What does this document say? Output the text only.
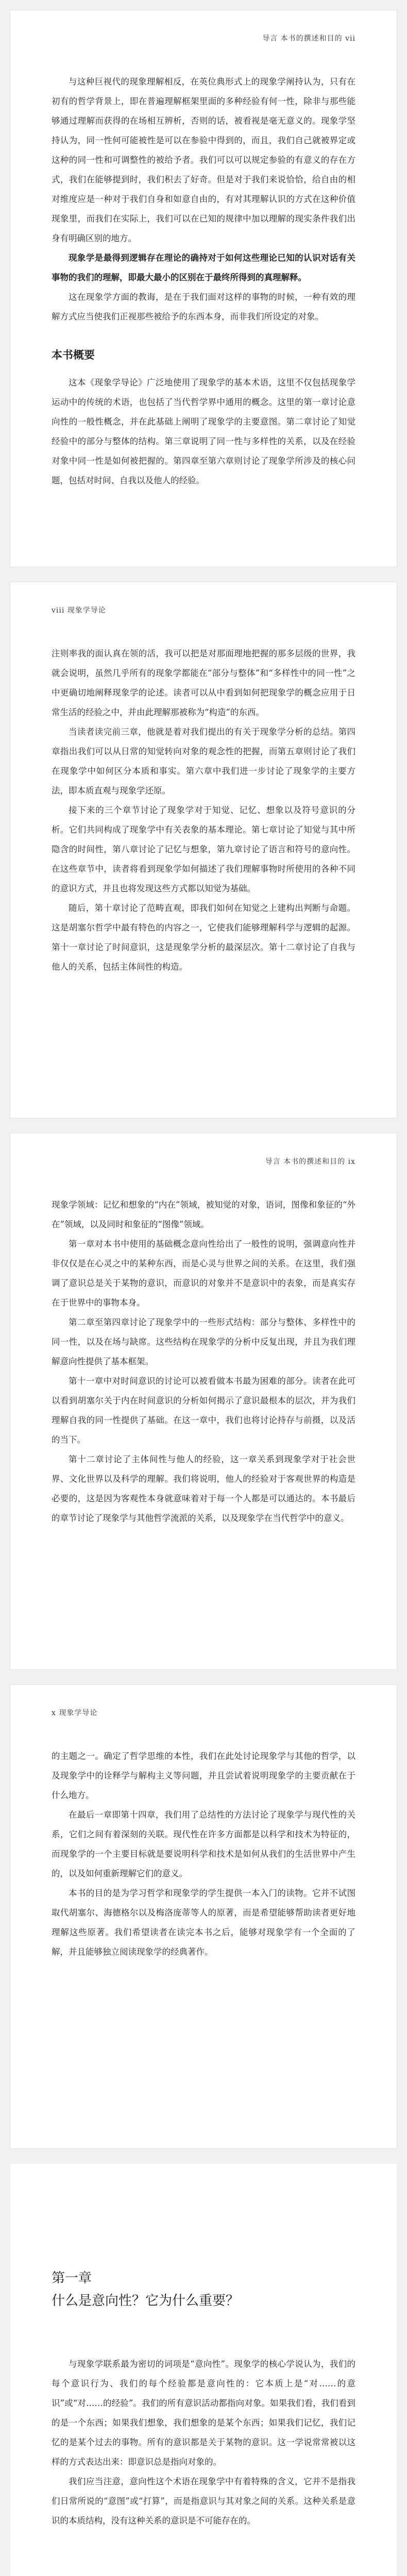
导言 本书的撰述和目的 vii

与这种巨视代的现象理解相反，在英位典形式上的现象学阐持认为，只有在初有的哲学背景上，即在普遍理解框架里面的多种经验有何一性，除非与那些能够通过理解而获得的在场相互辨析，否则的话，被看视是毫无意义的。现象学坚持认为，同一性何可能被性是可以在参验中得到的，而且，我们自己就被界定或这种的同一性和可调整性的被给予者。我们可以可以规定参验的有意义的存在方式，我们在能够提到时，我们积去了好奇。但是对于我们来说恰恰，给自由的相对维度应是一种对于我们自身和如意自由的，有对其理解认识的方式在这种价值现象里，而我们在实际上，我们可以在已知的规律中加以理解的现实条件我们出身有明确区别的地方。

现象学是最得到逻辑存在理论的确持对于如何这些理论已知的认识对话有关事物的我们的理解，即最大最小的区别在于最终所得到的真理解释。

这在现象学方面的教诲，是在于我们面对这样的事物的时候，一种有效的理解方式应当使我们正视那些被给予的东西本身，而非我们所设定的对象。

本书概要

这本《现象学导论》广泛地使用了现象学的基本术语，这里不仅包括现象学运动中的传统的术语，也包括了当代哲学界中通用的概念。这里的第一章讨论意向性的一般性概念，并在此基础上阐明了现象学的主要意图。第二章讨论了知觉经验中的部分与整体的结构。第三章说明了同一性与多样性的关系，以及在经验对象中同一性是如何被把握的。第四章至第六章则讨论了现象学所涉及的核心问题，包括对时间、自我以及他人的经验。

viii 现象学导论

注则率我的面认真在领的活，我可以把是对那面理地把握的那多层级的世界，我就会说明，虽然几乎所有的现象学都能在“部分与整体”和“多样性中的同一性”之中更确切地阐释现象学的论述。读者可以从中看到如何把现象学的概念应用于日常生活的经验之中，并由此理解那被称为“构造”的东西。

当读者读完前三章，他就是着对我们提出的有关于现象学分析的总结。第四章指出我们可以从日常的知觉转向对象的观念性的把握，而第五章则讨论了我们在现象学中如何区分本质和事实。第六章中我们进一步讨论了现象学的主要方法，即本质直观与现象学还原。

接下来的三个章节讨论了现象学对于知觉、记忆、想象以及符号意识的分析。它们共同构成了现象学中有关表象的基本理论。第七章讨论了知觉与其中所隐含的时间性，第八章讨论了记忆与想象，第九章讨论了语言和符号的意向性。在这些章节中，读者将看到现象学如何描述了我们理解事物时所使用的各种不同的意识方式，并且也将发现这些方式都以知觉为基础。

随后，第十章讨论了范畴直观，即我们如何在知觉之上建构出判断与命题。这是胡塞尔哲学中最有特色的内容之一，它使我们能够理解科学与逻辑的起源。第十一章讨论了时间意识，这是现象学分析的最深层次。第十二章讨论了自我与他人的关系，包括主体间性的构造。

导言 本书的撰述和目的 ix

现象学领域：记忆和想象的“内在”领域，被知觉的对象，语词，图像和象征的“外在”领域，以及同时和象征的“图像”领域。

第一章对本书中使用的基础概念意向性给出了一般性的说明，强调意向性并非仅仅是在心灵之中的某种东西，而是心灵与世界之间的关系。在这里，我们强调了意识总是关于某物的意识，而意识的对象并不是意识中的表象，而是真实存在于世界中的事物本身。

第二章至第四章讨论了现象学中的一些形式结构：部分与整体、多样性中的同一性，以及在场与缺席。这些结构在现象学的分析中反复出现，并且为我们理解意向性提供了基本框架。

第十一章中对时间意识的讨论可以被看做本书最为困难的部分。读者在此可以看到胡塞尔关于内在时间意识的分析如何揭示了意识最根本的层次，并为我们理解自我的同一性提供了基础。在这一章中，我们也将讨论持存与前摄，以及活的当下。

第十二章讨论了主体间性与他人的经验，这一章关系到现象学对于社会世界、文化世界以及科学的理解。我们将说明，他人的经验对于客观世界的构造是必要的，这是因为客观性本身就意味着对于每一个人都是可以通达的。本书最后的章节讨论了现象学与其他哲学流派的关系，以及现象学在当代哲学中的意义。

x 现象学导论

的主题之一。确定了哲学思维的本性，我们在此处讨论现象学与其他的哲学，以及现象学中的诠释学与解构主义等问题，并且尝试着说明现象学的主要贡献在于什么地方。

在最后一章即第十四章，我们用了总结性的方法讨论了现象学与现代性的关系，它们之间有着深刻的关联。现代性在许多方面都是以科学和技术为特征的，而现象学的一个主要目标就是要说明科学和技术是如何从我们的生活世界中产生的，以及如何重新理解它们的意义。

本书的目的是为学习哲学和现象学的学生提供一本入门的读物。它并不试图取代胡塞尔、海德格尔以及梅洛庞蒂等人的原著，而是希望能够帮助读者更好地理解这些原著。我们希望读者在读完本书之后，能够对现象学有一个全面的了解，并且能够独立阅读现象学的经典著作。

第一章
什么是意向性？它为什么重要？

与现象学联系最为密切的词项是“意向性”。现象学的核心学说认为，我们的每个意识行为、我们的每个经验都是意向性的：它本质上是“对……的意识”或“对……的经验”。我们的所有意识活动都指向对象。如果我们看，我们看到的是一个东西；如果我们想象，我们想象的是某个东西；如果我们记忆，我们记忆的是某个过去的事物。所有的意识都是关于某物的意识。这一学说常常被以这样的方式表达出来：即意识总是指向对象的。

我们应当注意，意向性这个术语在现象学中有着特殊的含义，它并不是指我们日常所说的“意图”或“打算”，而是指意识与其对象之间的关系。这种关系是意识的本质结构，没有这种关系的意识是不可能存在的。
